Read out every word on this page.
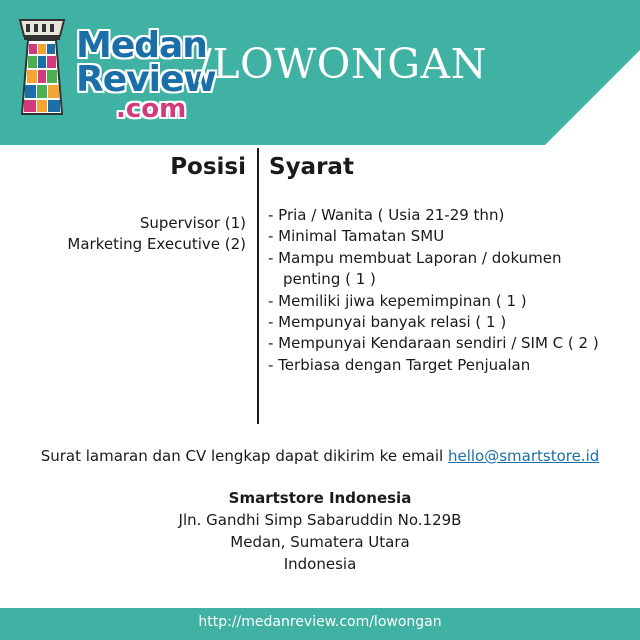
Medan
Review
.com
/LOWONGAN
Posisi Syarat
Supervisor (1)
Marketing Executive (2)
- Pria / Wanita ( Usia 21-29 thn)
- Minimal Tamatan SMU
- Mampu membuat Laporan / dokumen
penting ( 1 )
- Memiliki jiwa kepemimpinan ( 1 )
- Mempunyai banyak relasi ( 1 )
- Mempunyai Kendaraan sendiri / SIM C ( 2 )
- Terbiasa dengan Target Penjualan
Surat lamaran dan CV lengkap dapat dikirim ke email hello@smartstore.id
Smartstore Indonesia
Jln. Gandhi Simp Sabaruddin No.129B
Medan, Sumatera Utara
Indonesia
http://medanreview.com/lowongan
